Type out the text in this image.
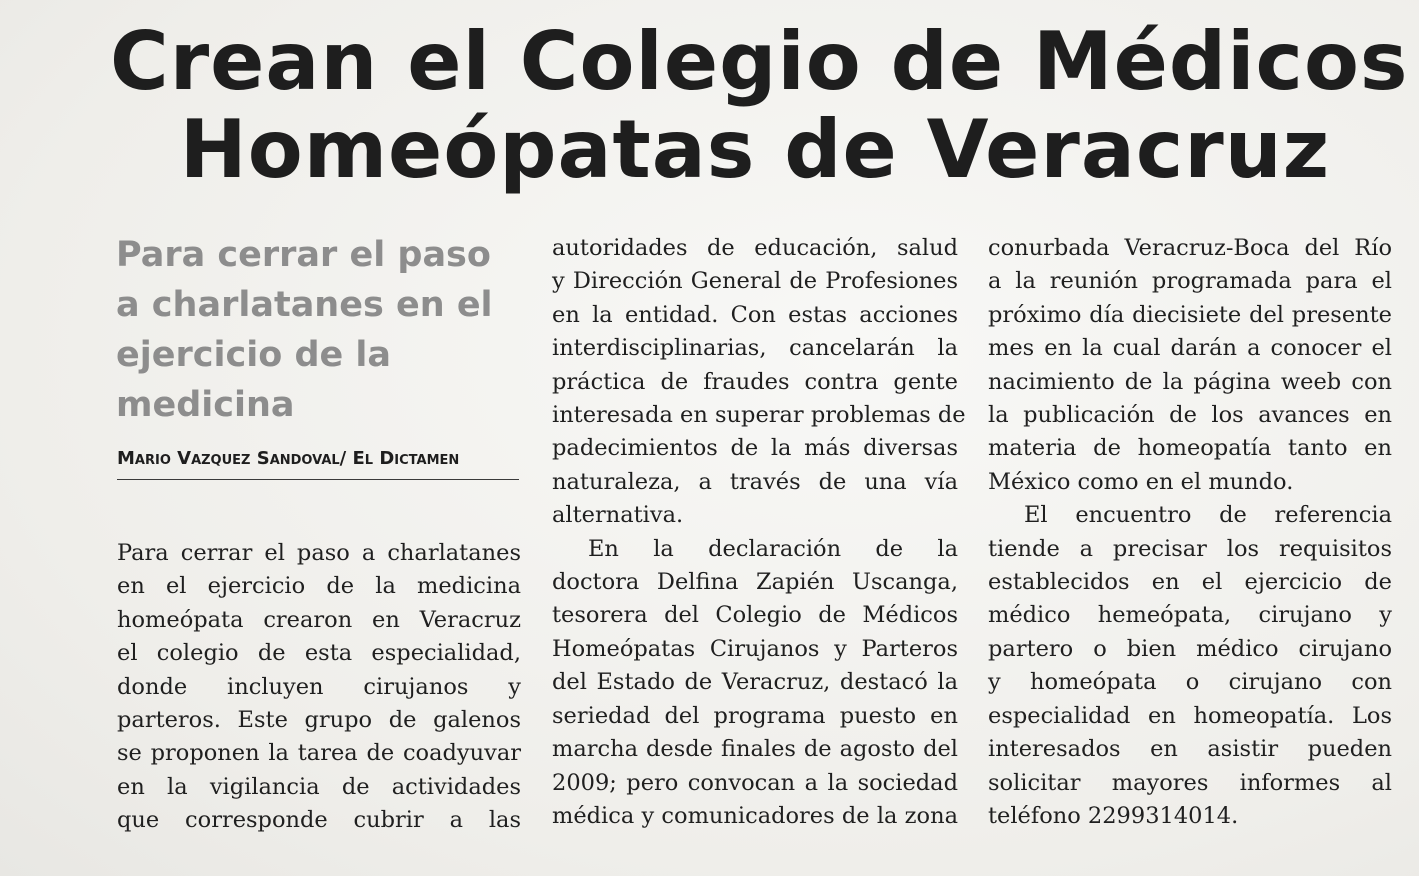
Crean el Colegio de Médicos
Homeópatas de Veracruz

Para cerrar el paso a charlatanes en el ejercicio de la medicina

Mario Vazquez Sandoval/ El Dictamen
Para cerrar el paso a charlatanes
en el ejercicio de la medicina
homeópata crearon en Veracruz
el colegio de esta especialidad,
donde incluyen cirujanos y
parteros. Este grupo de galenos
se proponen la tarea de coadyuvar
en la vigilancia de actividades
que corresponde cubrir a las
autoridades de educación, salud
y Dirección General de Profesiones
en la entidad. Con estas acciones
interdisciplinarias, cancelarán la
práctica de fraudes contra gente
interesada en superar problemas de
padecimientos de la más diversas
naturaleza, a través de una vía
alternativa.
En la declaración de la
doctora Delfina Zapién Uscanga,
tesorera del Colegio de Médicos
Homeópatas Cirujanos y Parteros
del Estado de Veracruz, destacó la
seriedad del programa puesto en
marcha desde finales de agosto del
2009; pero convocan a la sociedad
médica y comunicadores de la zona
conurbada Veracruz-Boca del Río
a la reunión programada para el
próximo día diecisiete del presente
mes en la cual darán a conocer el
nacimiento de la página weeb con
la publicación de los avances en
materia de homeopatía tanto en
México como en el mundo.
El encuentro de referencia
tiende a precisar los requisitos
establecidos en el ejercicio de
médico hemeópata, cirujano y
partero o bien médico cirujano
y homeópata o cirujano con
especialidad en homeopatía. Los
interesados en asistir pueden
solicitar mayores informes al
teléfono 2299314014.
